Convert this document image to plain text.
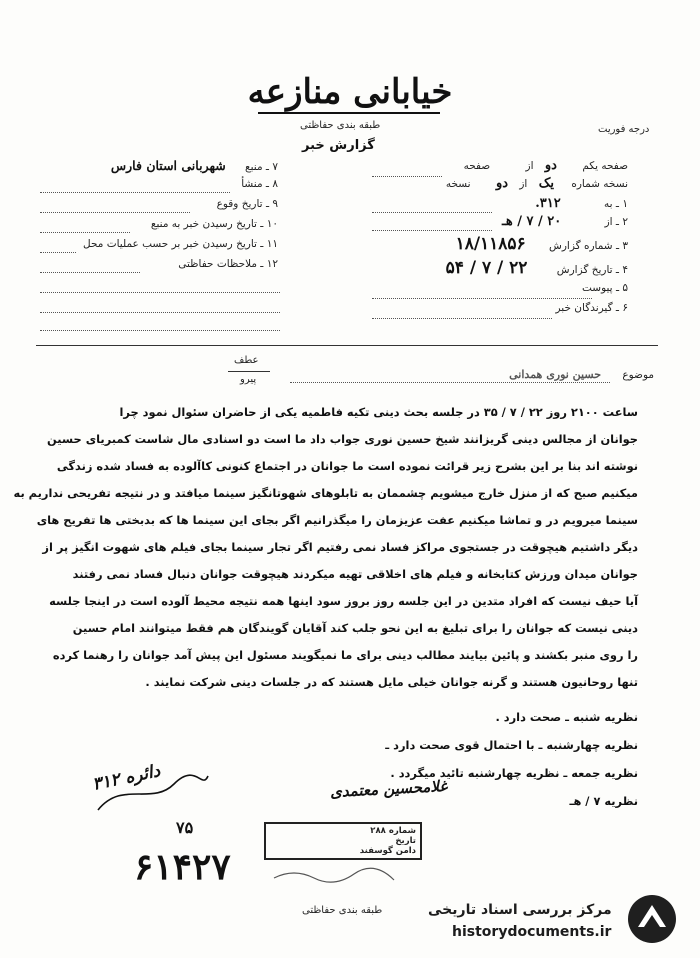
خیابانی منازعه
طبقه بندی حفاظتی	درجه فوریت
گزارش خبر
صفحه یکم دو از صفحه
نسخه شماره یک از دو نسخه
۱ ـ به ۳۱۲.
۲ ـ از ۲۰ / ۷ / هـ
۳ ـ شماره گزارش ۱۸/۱۱۸۵۶
۴ ـ تاریخ گزارش ۲۲ / ۷ / ۵۴
۵ ـ پیوست
۶ ـ گیرندگان خبر
۷ ـ منبع شهربانی استان فارس
۸ ـ منشأ
۹ ـ تاریخ وقوع
۱۰ ـ تاریخ رسیدن خبر به منبع
۱۱ ـ تاریخ رسیدن خبر بر حسب عملیات محل
۱۲ ـ ملاحظات حفاظتی
عطف
پیرو	موضوع حسین نوری همدانی
ساعت ۲۱۰۰ روز ۲۲ / ۷ / ۳۵ در جلسه بحث دینی تکیه فاطمیه یکی از حاضران سئوال نمود چرا
جوانان از مجالس دینی گریزانند شیخ حسین نوری جواب داد ما است دو اسنادی مال شاست کمبریای حسین
نوشته اند بنا بر این بشرح زیر قرائت نموده است ما جوانان در اجتماع کنونی کاآلوده به فساد شده زندگی
میکنیم صبح که از منزل خارج میشویم چشممان به تابلوهای شهوتانگیز سینما میافتد و در نتیجه تفریحی نداریم به
سینما میرویم در و تماشا میکنیم عفت عزیزمان را میگذرانیم اگر بجای این سینما ها که بدبختی ها تفریح های
دیگر داشتیم هیچوقت در جستجوی مراکز فساد نمی رفتیم اگر تجار سینما بجای فیلم های شهوت انگیز پر از
جوانان میدان ورزش کتابخانه و فیلم های اخلاقی تهیه میکردند هیچوقت جوانان دنبال فساد نمی رفتند
آیا حیف نیست که افراد متدین در این جلسه روز بروز سود اینها همه نتیجه محیط آلوده است در اینجا جلسه
دینی نیست که جوانان را برای تبلیغ به این نحو جلب کند آقایان گویندگان هم فقط میتوانند امام حسین
را روی منبر بکشند و پائین بیایند مطالب دینی برای ما نمیگویند مسئول این پیش آمد جوانان را رهنما کرده
تنها روحانیون هستند و گرنه جوانان خیلی مایل هستند که در جلسات دینی شرکت نمایند .
نظریه شنبه ـ صحت دارد .
نظریه چهارشنبه ـ با احتمال قوی صحت دارد ـ
نظریه جمعه ـ نظریه چهارشنبه تائید میگردد .
نظریه ۷ / هـ
دائره ۳۱۲
۷۵
۶۱۴۲۷
غلامحسین معتمدی
شماره ۲۸۸
تاریخ
دامن گوسفند
طبقه بندی حفاظتی	مرکز بررسی اسناد تاریخی
historydocuments.ir
